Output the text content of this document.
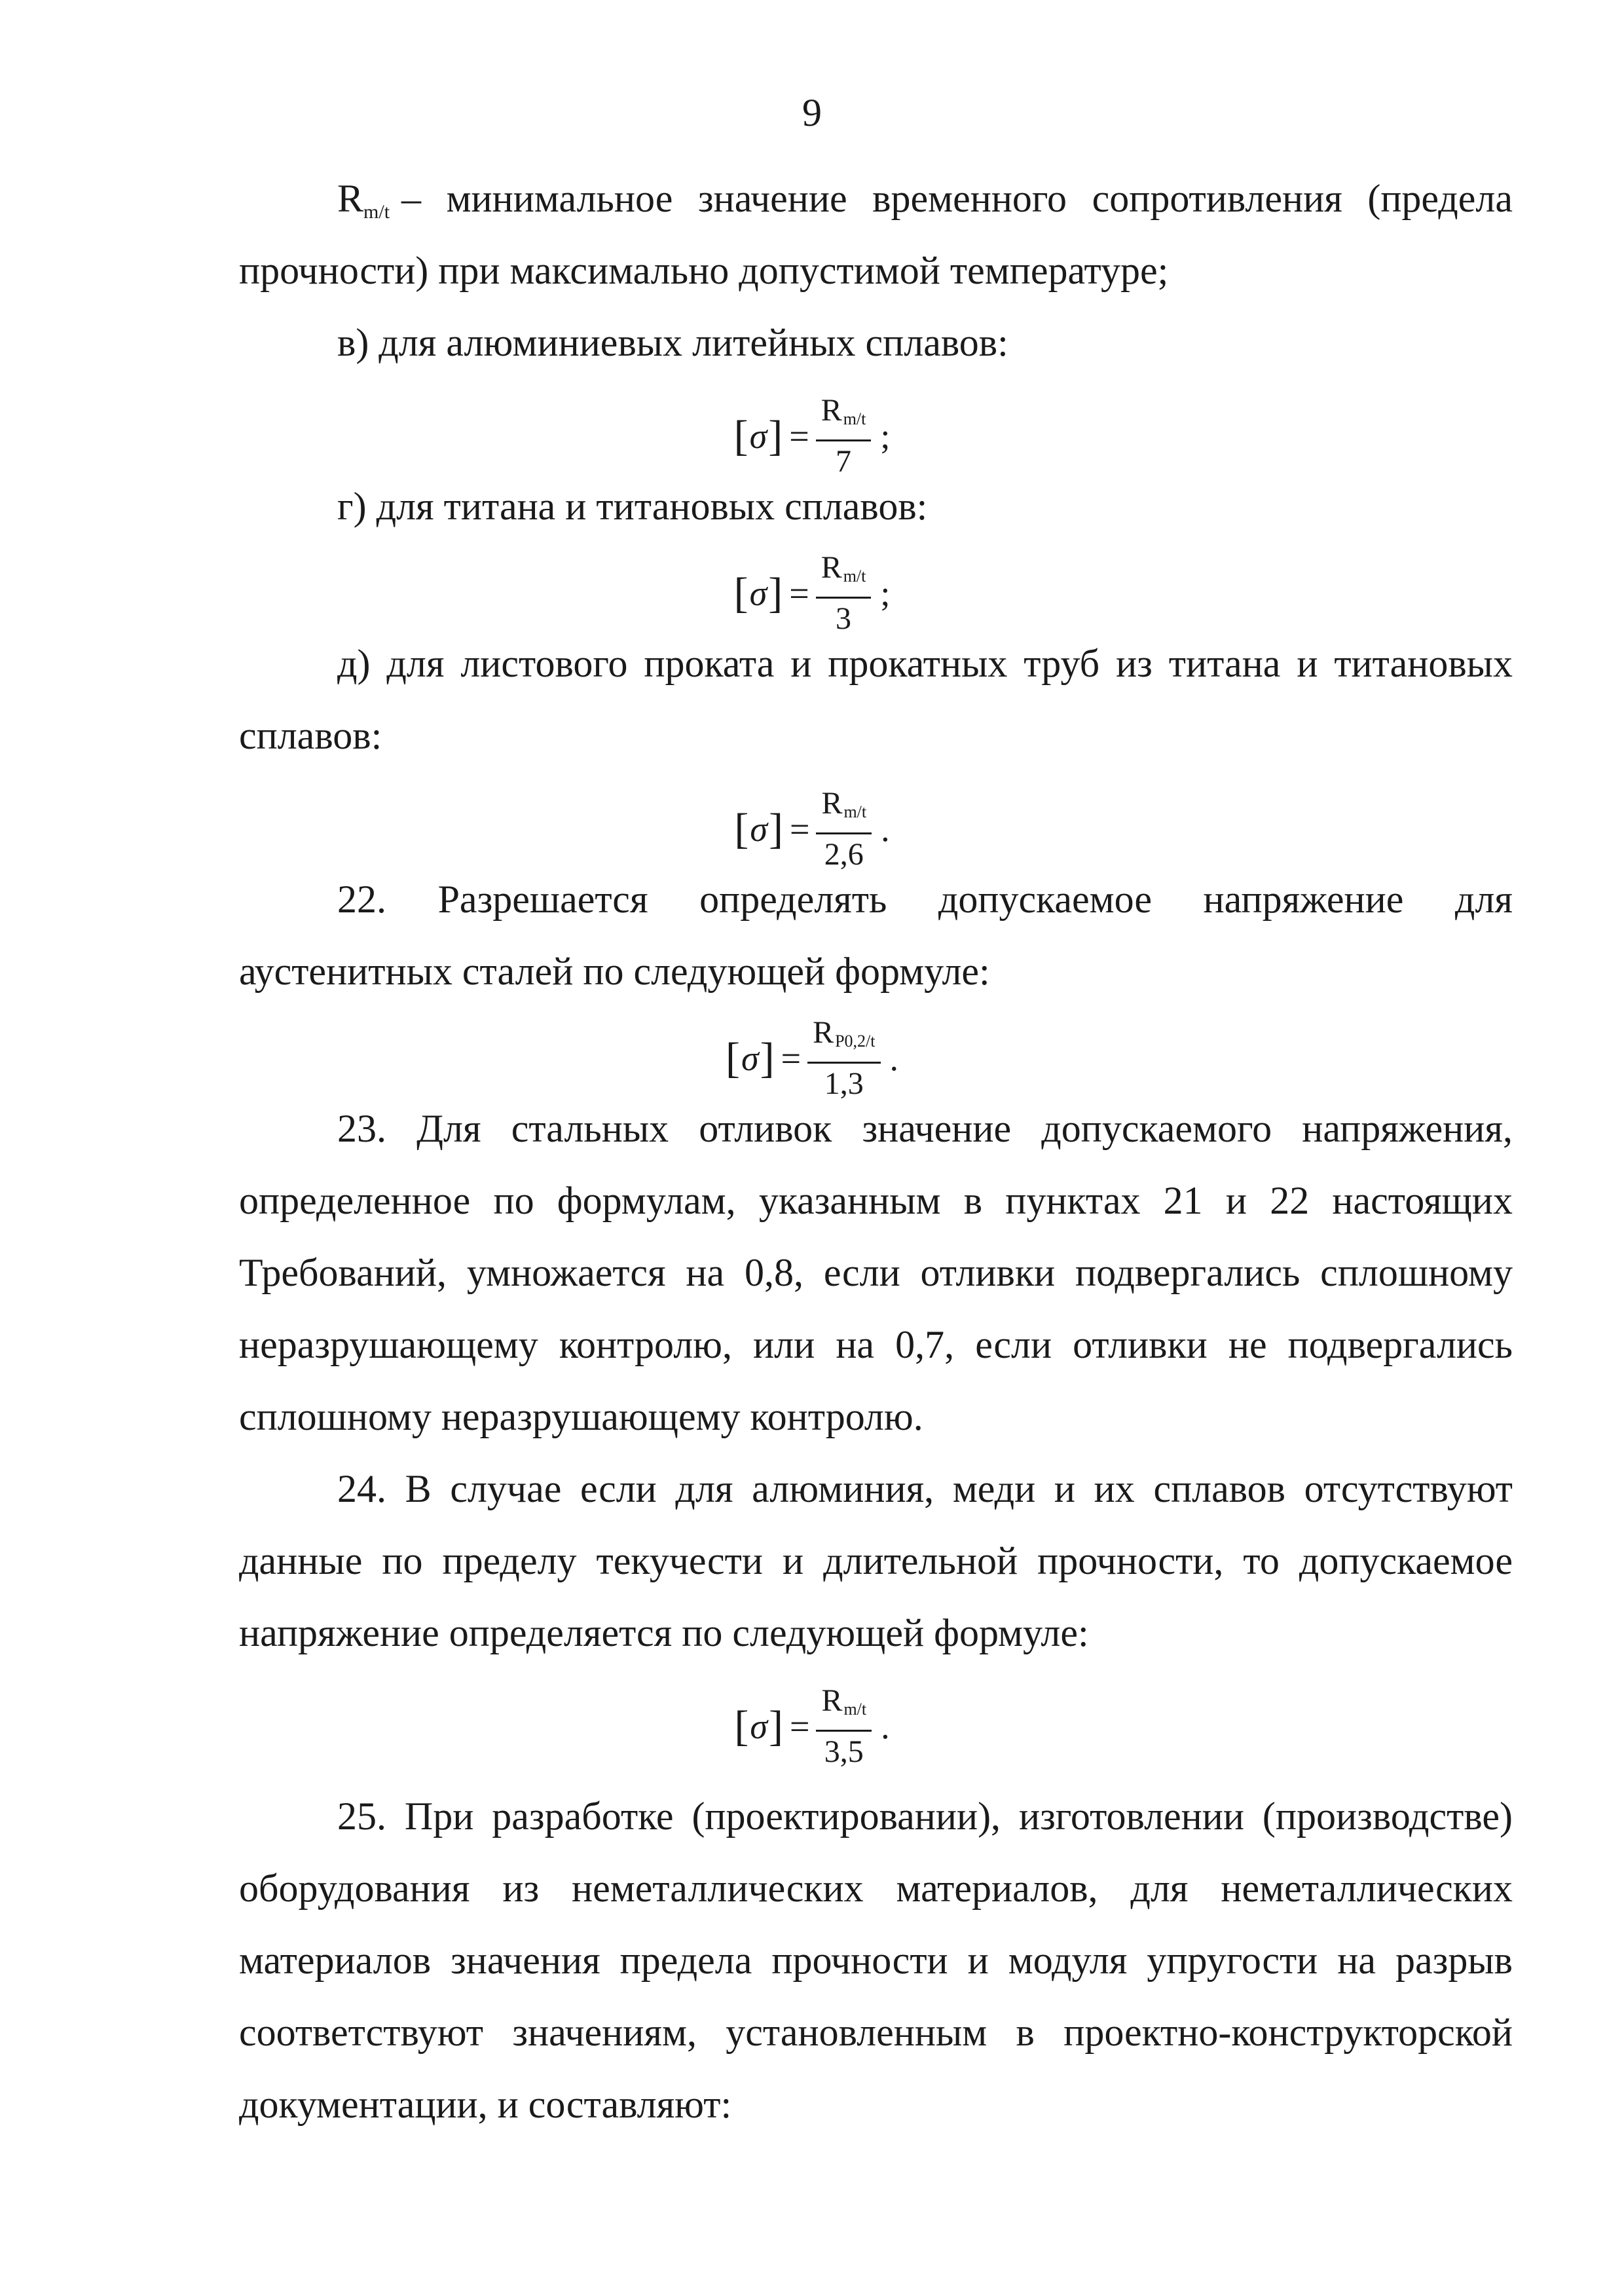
9

Rm/t – минимальное значение временного сопротивления (предела

прочности) при максимально допустимой температуре;

в) для алюминиевых литейных сплавов:

[ σ ] = $\frac{R_{m/t}}{7}$ ;

г) для титана и титановых сплавов:

[ σ ] = $\frac{R_{m/t}}{3}$ ;

д) для листового проката и прокатных труб из титана и титановых

сплавов:

[ σ ] = $\frac{R_{m/t}}{2,6}$ .

22. Разрешается определять допускаемое напряжение для

аустенитных сталей по следующей формуле:

[ σ ] = $\frac{R_{P0,2/t}}{1,3}$ .

23. Для стальных отливок значение допускаемого напряжения, определенное по формулам, указанным в пунктах 21 и 22 настоящих Требований, умножается на 0,8, если отливки подвергались сплошному неразрушающему контролю, или на 0,7, если отливки не подвергались сплошному неразрушающему контролю.

24. В случае если для алюминия, меди и их сплавов отсутствуют данные по пределу текучести и длительной прочности, то допускаемое напряжение определяется по следующей формуле:

[ σ ] = $\frac{R_{m/t}}{3,5}$ .

25. При разработке (проектировании), изготовлении (производстве) оборудования из неметаллических материалов, для неметаллических материалов значения предела прочности и модуля упругости на разрыв соответствуют значениям, установленным в проектно-конструкторской документации, и составляют:
